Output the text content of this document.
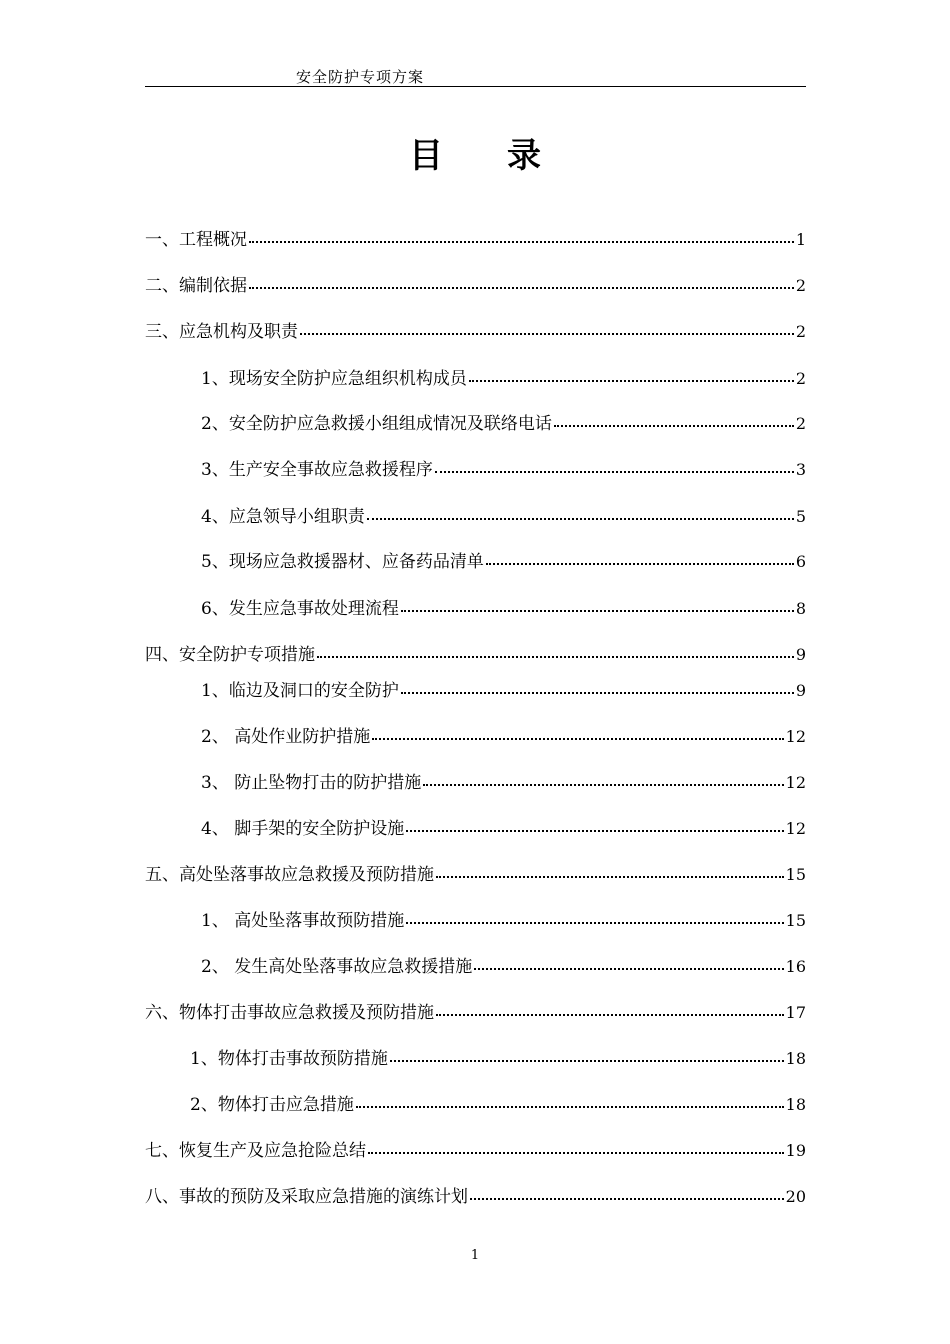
安全防护专项方案
目录
一、工程概况	1
二、编制依据	2
三、应急机构及职责	2
1、现场安全防护应急组织机构成员	2
2、安全防护应急救援小组组成情况及联络电话	2
3、生产安全事故应急救援程序	3
4、应急领导小组职责	5
5、现场应急救援器材、应备药品清单	6
6、发生应急事故处理流程	8
四、安全防护专项措施	9
1、临边及洞口的安全防护	9
2、 高处作业防护措施	12
3、 防止坠物打击的防护措施	12
4、 脚手架的安全防护设施	12
五、高处坠落事故应急救援及预防措施	15
1、 高处坠落事故预防措施	15
2、 发生高处坠落事故应急救援措施	16
六、物体打击事故应急救援及预防措施	17
1、物体打击事故预防措施	18
2、物体打击应急措施	18
七、恢复生产及应急抢险总结	19
八、事故的预防及采取应急措施的演练计划	20
1
